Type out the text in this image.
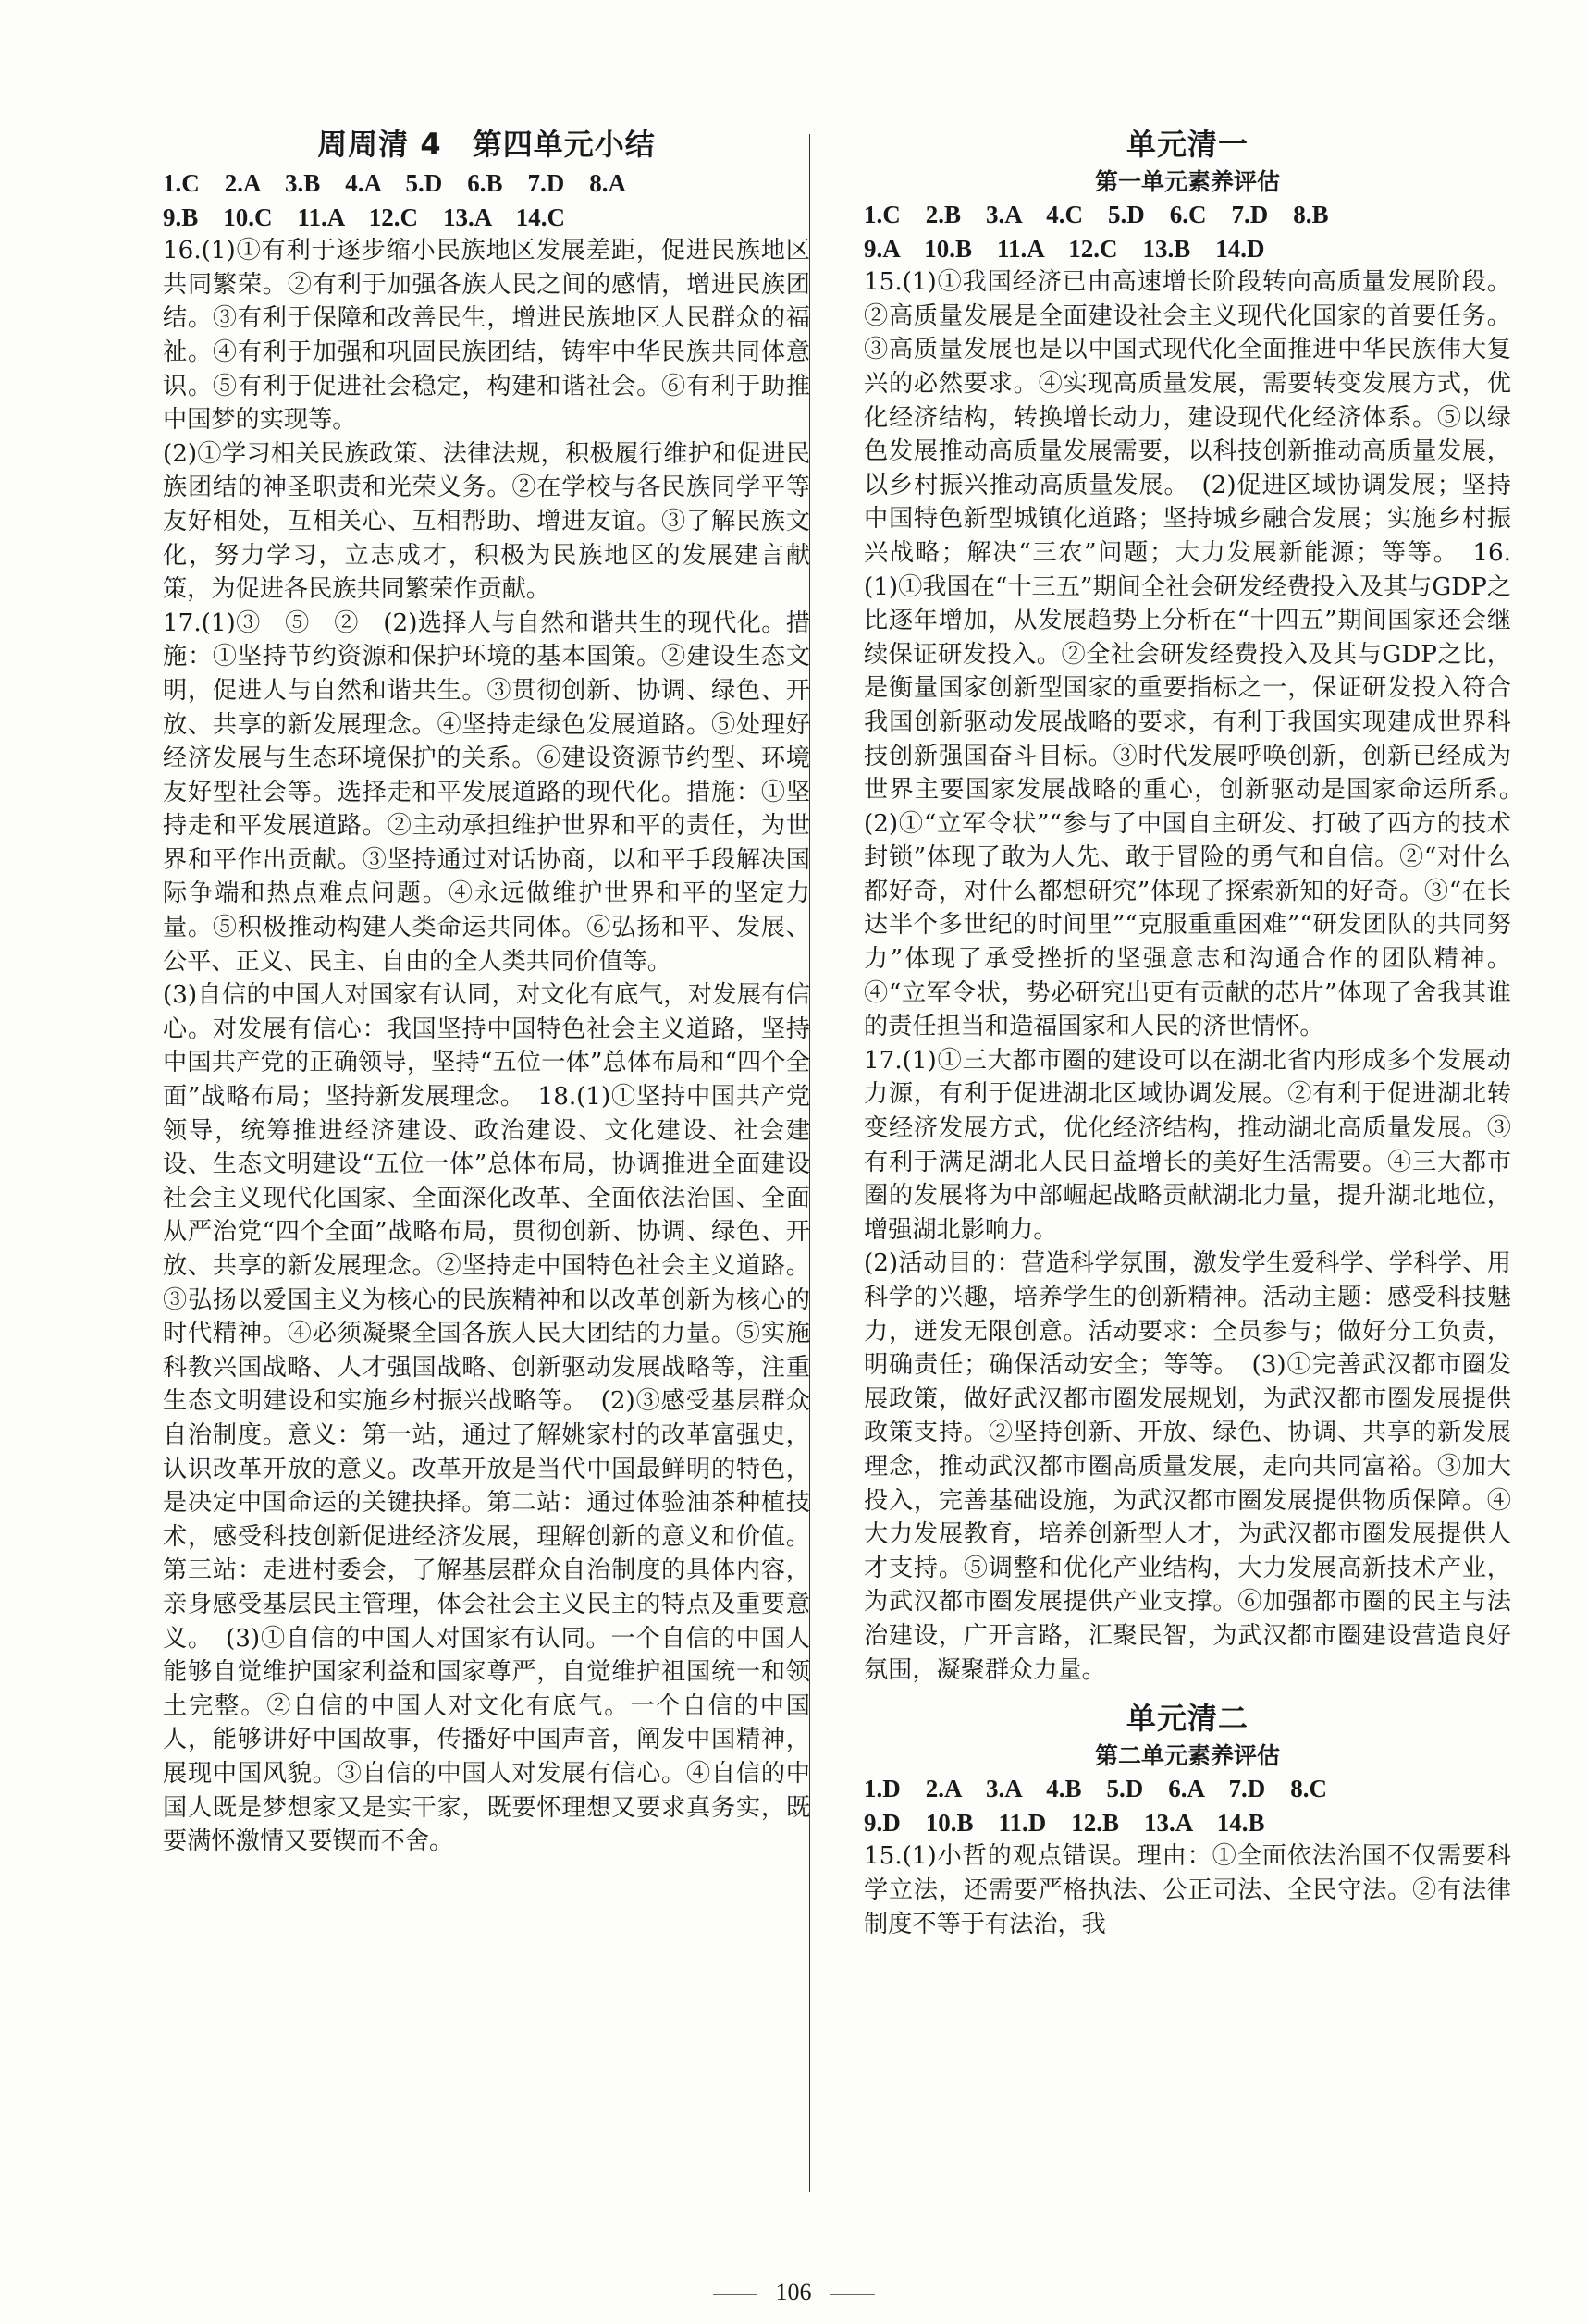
周周清 4　第四单元小结
1.C　2.A　3.B　4.A　5.D　6.B　7.D　8.A
9.B　10.C　11.A　12.C　13.A　14.C

16.(1)①有利于逐步缩小民族地区发展差距，促进民族地区共同繁荣。②有利于加强各族人民之间的感情，增进民族团结。③有利于保障和改善民生，增进民族地区人民群众的福祉。④有利于加强和巩固民族团结，铸牢中华民族共同体意识。⑤有利于促进社会稳定，构建和谐社会。⑥有利于助推中国梦的实现等。

(2)①学习相关民族政策、法律法规，积极履行维护和促进民族团结的神圣职责和光荣义务。②在学校与各民族同学平等友好相处，互相关心、互相帮助、增进友谊。③了解民族文化，努力学习，立志成才，积极为民族地区的发展建言献策，为促进各民族共同繁荣作贡献。

17.(1)③　⑤　②　(2)选择人与自然和谐共生的现代化。措施：①坚持节约资源和保护环境的基本国策。②建设生态文明，促进人与自然和谐共生。③贯彻创新、协调、绿色、开放、共享的新发展理念。④坚持走绿色发展道路。⑤处理好经济发展与生态环境保护的关系。⑥建设资源节约型、环境友好型社会等。选择走和平发展道路的现代化。措施：①坚持走和平发展道路。②主动承担维护世界和平的责任，为世界和平作出贡献。③坚持通过对话协商，以和平手段解决国际争端和热点难点问题。④永远做维护世界和平的坚定力量。⑤积极推动构建人类命运共同体。⑥弘扬和平、发展、公平、正义、民主、自由的全人类共同价值等。

(3)自信的中国人对国家有认同，对文化有底气，对发展有信心。对发展有信心：我国坚持中国特色社会主义道路，坚持中国共产党的正确领导，坚持“五位一体”总体布局和“四个全面”战略布局；坚持新发展理念。　18.(1)①坚持中国共产党领导，统筹推进经济建设、政治建设、文化建设、社会建设、生态文明建设“五位一体”总体布局，协调推进全面建设社会主义现代化国家、全面深化改革、全面依法治国、全面从严治党“四个全面”战略布局，贯彻创新、协调、绿色、开放、共享的新发展理念。②坚持走中国特色社会主义道路。③弘扬以爱国主义为核心的民族精神和以改革创新为核心的时代精神。④必须凝聚全国各族人民大团结的力量。⑤实施科教兴国战略、人才强国战略、创新驱动发展战略等，注重生态文明建设和实施乡村振兴战略等。　(2)③感受基层群众自治制度。意义：第一站，通过了解姚家村的改革富强史，认识改革开放的意义。改革开放是当代中国最鲜明的特色，是决定中国命运的关键抉择。第二站：通过体验油茶种植技术，感受科技创新促进经济发展，理解创新的意义和价值。第三站：走进村委会，了解基层群众自治制度的具体内容，亲身感受基层民主管理，体会社会主义民主的特点及重要意义。　(3)①自信的中国人对国家有认同。一个自信的中国人能够自觉维护国家利益和国家尊严，自觉维护祖国统一和领土完整。②自信的中国人对文化有底气。一个自信的中国人，能够讲好中国故事，传播好中国声音，阐发中国精神，展现中国风貌。③自信的中国人对发展有信心。④自信的中国人既是梦想家又是实干家，既要怀理想又要求真务实，既要满怀激情又要锲而不舍。

单元清一
第一单元素养评估
1.C　2.B　3.A　4.C　5.D　6.C　7.D　8.B
9.A　10.B　11.A　12.C　13.B　14.D

15.(1)①我国经济已由高速增长阶段转向高质量发展阶段。②高质量发展是全面建设社会主义现代化国家的首要任务。③高质量发展也是以中国式现代化全面推进中华民族伟大复兴的必然要求。④实现高质量发展，需要转变发展方式，优化经济结构，转换增长动力，建设现代化经济体系。⑤以绿色发展推动高质量发展需要，以科技创新推动高质量发展，以乡村振兴推动高质量发展。　(2)促进区域协调发展；坚持中国特色新型城镇化道路；坚持城乡融合发展；实施乡村振兴战略；解决“三农”问题；大力发展新能源；等等。　16.(1)①我国在“十三五”期间全社会研发经费投入及其与GDP之比逐年增加，从发展趋势上分析在“十四五”期间国家还会继续保证研发投入。②全社会研发经费投入及其与GDP之比，是衡量国家创新型国家的重要指标之一，保证研发投入符合我国创新驱动发展战略的要求，有利于我国实现建成世界科技创新强国奋斗目标。③时代发展呼唤创新，创新已经成为世界主要国家发展战略的重心，创新驱动是国家命运所系。　(2)①“立军令状”“参与了中国自主研发、打破了西方的技术封锁”体现了敢为人先、敢于冒险的勇气和自信。②“对什么都好奇，对什么都想研究”体现了探索新知的好奇。③“在长达半个多世纪的时间里”“克服重重困难”“研发团队的共同努力”体现了承受挫折的坚强意志和沟通合作的团队精神。④“立军令状，势必研究出更有贡献的芯片”体现了舍我其谁的责任担当和造福国家和人民的济世情怀。

17.(1)①三大都市圈的建设可以在湖北省内形成多个发展动力源，有利于促进湖北区域协调发展。②有利于促进湖北转变经济发展方式，优化经济结构，推动湖北高质量发展。③有利于满足湖北人民日益增长的美好生活需要。④三大都市圈的发展将为中部崛起战略贡献湖北力量，提升湖北地位，增强湖北影响力。

(2)活动目的：营造科学氛围，激发学生爱科学、学科学、用科学的兴趣，培养学生的创新精神。活动主题：感受科技魅力，迸发无限创意。活动要求：全员参与；做好分工负责，明确责任；确保活动安全；等等。　(3)①完善武汉都市圈发展政策，做好武汉都市圈发展规划，为武汉都市圈发展提供政策支持。②坚持创新、开放、绿色、协调、共享的新发展理念，推动武汉都市圈高质量发展，走向共同富裕。③加大投入，完善基础设施，为武汉都市圈发展提供物质保障。④大力发展教育，培养创新型人才，为武汉都市圈发展提供人才支持。⑤调整和优化产业结构，大力发展高新技术产业，为武汉都市圈发展提供产业支撑。⑥加强都市圈的民主与法治建设，广开言路，汇聚民智，为武汉都市圈建设营造良好氛围，凝聚群众力量。

单元清二
第二单元素养评估
1.D　2.A　3.A　4.B　5.D　6.A　7.D　8.C
9.D　10.B　11.D　12.B　13.A　14.B

15.(1)小哲的观点错误。理由：①全面依法治国不仅需要科学立法，还需要严格执法、公正司法、全民守法。②有法律制度不等于有法治，我

106
